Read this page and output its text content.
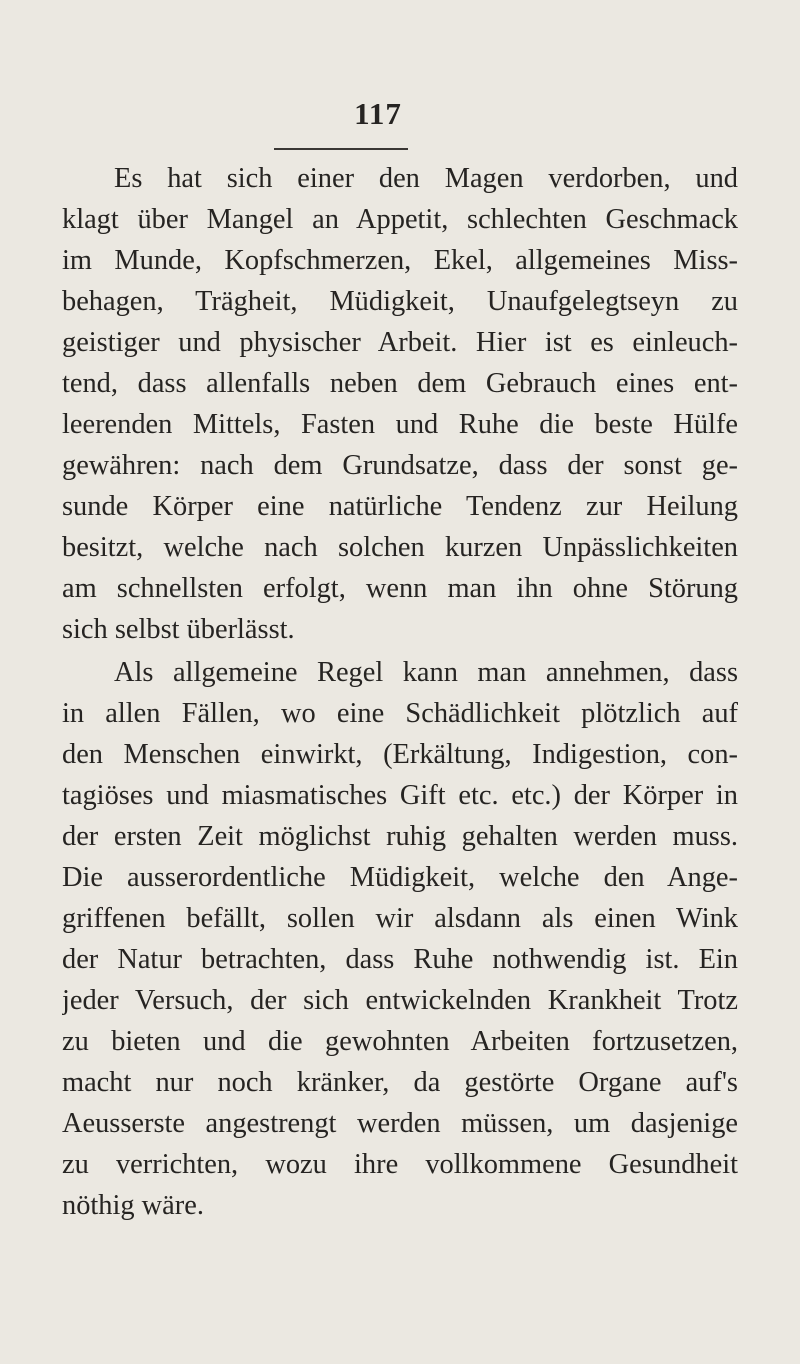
117

Es hat sich einer den Magen verdorben, und
klagt über Mangel an Appetit, schlechten Geschmack
im Munde, Kopfschmerzen, Ekel, allgemeines Miss-
behagen, Trägheit, Müdigkeit, Unaufgelegtseyn zu
geistiger und physischer Arbeit. Hier ist es einleuch-
tend, dass allenfalls neben dem Gebrauch eines ent-
leerenden Mittels, Fasten und Ruhe die beste Hülfe
gewähren: nach dem Grundsatze, dass der sonst ge-
sunde Körper eine natürliche Tendenz zur Heilung
besitzt, welche nach solchen kurzen Unpässlichkeiten
am schnellsten erfolgt, wenn man ihn ohne Störung
sich selbst überlässt.

Als allgemeine Regel kann man annehmen, dass
in allen Fällen, wo eine Schädlichkeit plötzlich auf
den Menschen einwirkt, (Erkältung, Indigestion, con-
tagiöses und miasmatisches Gift etc. etc.) der Körper in
der ersten Zeit möglichst ruhig gehalten werden muss.
Die ausserordentliche Müdigkeit, welche den Ange-
griffenen befällt, sollen wir alsdann als einen Wink
der Natur betrachten, dass Ruhe nothwendig ist. Ein
jeder Versuch, der sich entwickelnden Krankheit Trotz
zu bieten und die gewohnten Arbeiten fortzusetzen,
macht nur noch kränker, da gestörte Organe auf's
Aeusserste angestrengt werden müssen, um dasjenige
zu verrichten, wozu ihre vollkommene Gesundheit
nöthig wäre.
